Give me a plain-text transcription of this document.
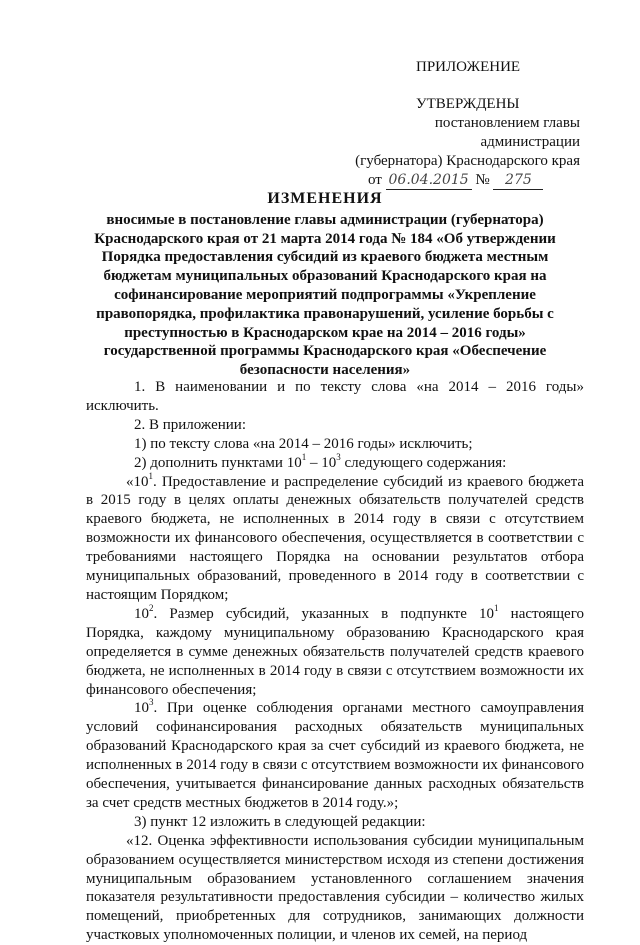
ПРИЛОЖЕНИЕ
УТВЕРЖДЕНЫ
постановлением главы администрации
(губернатора) Краснодарского края
от 06.04.2015 № 275
ИЗМЕНЕНИЯ
вносимые в постановление главы администрации (губернатора) Краснодарского края от 21 марта 2014 года № 184 «Об утверждении Порядка предоставления субсидий из краевого бюджета местным бюджетам муниципальных образований Краснодарского края на софинансирование мероприятий подпрограммы «Укрепление правопорядка, профилактика правонарушений, усиление борьбы с преступностью в Краснодарском крае на 2014 – 2016 годы» государственной программы Краснодарского края «Обеспечение безопасности населения»

1. В наименовании и по тексту слова «на 2014 – 2016 годы» исключить.

2. В приложении:

1) по тексту слова «на 2014 – 2016 годы» исключить;

2) дополнить пунктами $10^1 - 10^3$ следующего содержания:

«$10^1$. Предоставление и распределение субсидий из краевого бюджета в 2015 году в целях оплаты денежных обязательств получателей средств краевого бюджета, не исполненных в 2014 году в связи с отсутствием возможности их финансового обеспечения, осуществляется в соответствии с требованиями настоящего Порядка на основании результатов отбора муниципальных образований, проведенного в 2014 году в соответствии с настоящим Порядком;

$10^2$. Размер субсидий, указанных в подпункте $10^1$ настоящего Порядка, каждому муниципальному образованию Краснодарского края определяется в сумме денежных обязательств получателей средств краевого бюджета, не исполненных в 2014 году в связи с отсутствием возможности их финансового обеспечения;

$10^3$. При оценке соблюдения органами местного самоуправления условий софинансирования расходных обязательств муниципальных образований Краснодарского края за счет субсидий из краевого бюджета, не исполненных в 2014 году в связи с отсутствием возможности их финансового обеспечения, учитывается финансирование данных расходных обязательств за счет средств местных бюджетов в 2014 году.»;

3) пункт 12 изложить в следующей редакции:

«12. Оценка эффективности использования субсидии муниципальным образованием осуществляется министерством исходя из степени достижения муниципальным образованием установленного соглашением значения показателя результативности предоставления субсидии – количество жилых помещений, приобретенных для сотрудников, занимающих должности участковых уполномоченных полиции, и членов их семей, на период
